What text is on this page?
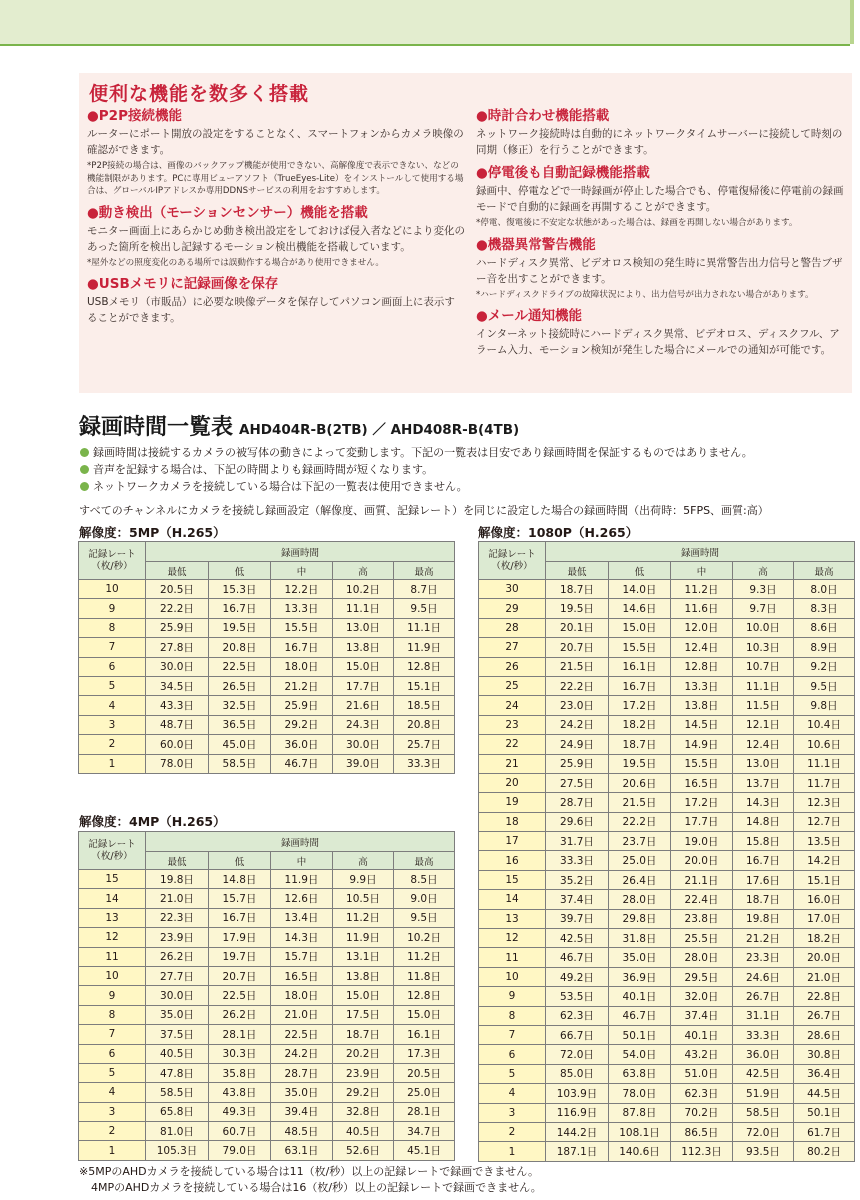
便利な機能を数多く搭載
●P2P接続機能

ルーターにポート開放の設定をすることなく、スマートフォンからカメラ映像の確認ができます。

*P2P接続の場合は、画像のバックアップ機能が使用できない、高解像度で表示できない、などの機能制限があります。PCに専用ビューアソフト（TrueEyes-Lite）をインストールして使用する場合は、グローバルIPアドレスか専用DDNSサービスの利用をおすすめします。

●動き検出（モーションセンサー）機能を搭載

モニター画面上にあらかじめ動き検出設定をしておけば侵入者などにより変化のあった箇所を検出し記録するモーション検出機能を搭載しています。

*屋外などの照度変化のある場所では誤動作する場合があり使用できません。

●USBメモリに記録画像を保存

USBメモリ（市販品）に必要な映像データを保存してパソコン画面上に表示することができます。

●時計合わせ機能搭載

ネットワーク接続時は自動的にネットワークタイムサーバーに接続して時刻の同期（修正）を行うことができます。

●停電後も自動記録機能搭載

録画中、停電などで一時録画が停止した場合でも、停電復帰後に停電前の録画モードで自動的に録画を再開することができます。

*停電、復電後に不安定な状態があった場合は、録画を再開しない場合があります。

●機器異常警告機能

ハードディスク異常、ビデオロス検知の発生時に異常警告出力信号と警告ブザー音を出すことができます。

*ハードディスクドライブの故障状況により、出力信号が出力されない場合があります。

●メール通知機能

インターネット接続時にハードディスク異常、ビデオロス、ディスクフル、アラーム入力、モーション検知が発生した場合にメールでの通知が可能です。

録画時間一覧表 AHD404R-B(2TB) ／ AHD408R-B(4TB)
録画時間は接続するカメラの被写体の動きによって変動します。下記の一覧表は目安であり録画時間を保証するものではありません。
音声を記録する場合は、下記の時間よりも録画時間が短くなります。
ネットワークカメラを接続している場合は下記の一覧表は使用できません。
すべてのチャンネルにカメラを接続し録画設定（解像度、画質、記録レート）を同じに設定した場合の録画時間（出荷時：5FPS、画質:高）
解像度：5MP（H.265）
記録レート
（枚/秒）	録画時間				
	最低	低	中	高	最高
10	20.5日	15.3日	12.2日	10.2日	8.7日
9	22.2日	16.7日	13.3日	11.1日	9.5日
8	25.9日	19.5日	15.5日	13.0日	11.1日
7	27.8日	20.8日	16.7日	13.8日	11.9日
6	30.0日	22.5日	18.0日	15.0日	12.8日
5	34.5日	26.5日	21.2日	17.7日	15.1日
4	43.3日	32.5日	25.9日	21.6日	18.5日
3	48.7日	36.5日	29.2日	24.3日	20.8日
2	60.0日	45.0日	36.0日	30.0日	25.7日
1	78.0日	58.5日	46.7日	39.0日	33.3日
解像度：4MP（H.265）
記録レート
（枚/秒）	録画時間				
	最低	低	中	高	最高
15	19.8日	14.8日	11.9日	9.9日	8.5日
14	21.0日	15.7日	12.6日	10.5日	9.0日
13	22.3日	16.7日	13.4日	11.2日	9.5日
12	23.9日	17.9日	14.3日	11.9日	10.2日
11	26.2日	19.7日	15.7日	13.1日	11.2日
10	27.7日	20.7日	16.5日	13.8日	11.8日
9	30.0日	22.5日	18.0日	15.0日	12.8日
8	35.0日	26.2日	21.0日	17.5日	15.0日
7	37.5日	28.1日	22.5日	18.7日	16.1日
6	40.5日	30.3日	24.2日	20.2日	17.3日
5	47.8日	35.8日	28.7日	23.9日	20.5日
4	58.5日	43.8日	35.0日	29.2日	25.0日
3	65.8日	49.3日	39.4日	32.8日	28.1日
2	81.0日	60.7日	48.5日	40.5日	34.7日
1	105.3日	79.0日	63.1日	52.6日	45.1日
解像度：1080P（H.265）
記録レート
（枚/秒）	録画時間				
	最低	低	中	高	最高
30	18.7日	14.0日	11.2日	9.3日	8.0日
29	19.5日	14.6日	11.6日	9.7日	8.3日
28	20.1日	15.0日	12.0日	10.0日	8.6日
27	20.7日	15.5日	12.4日	10.3日	8.9日
26	21.5日	16.1日	12.8日	10.7日	9.2日
25	22.2日	16.7日	13.3日	11.1日	9.5日
24	23.0日	17.2日	13.8日	11.5日	9.8日
23	24.2日	18.2日	14.5日	12.1日	10.4日
22	24.9日	18.7日	14.9日	12.4日	10.6日
21	25.9日	19.5日	15.5日	13.0日	11.1日
20	27.5日	20.6日	16.5日	13.7日	11.7日
19	28.7日	21.5日	17.2日	14.3日	12.3日
18	29.6日	22.2日	17.7日	14.8日	12.7日
17	31.7日	23.7日	19.0日	15.8日	13.5日
16	33.3日	25.0日	20.0日	16.7日	14.2日
15	35.2日	26.4日	21.1日	17.6日	15.1日
14	37.4日	28.0日	22.4日	18.7日	16.0日
13	39.7日	29.8日	23.8日	19.8日	17.0日
12	42.5日	31.8日	25.5日	21.2日	18.2日
11	46.7日	35.0日	28.0日	23.3日	20.0日
10	49.2日	36.9日	29.5日	24.6日	21.0日
9	53.5日	40.1日	32.0日	26.7日	22.8日
8	62.3日	46.7日	37.4日	31.1日	26.7日
7	66.7日	50.1日	40.1日	33.3日	28.6日
6	72.0日	54.0日	43.2日	36.0日	30.8日
5	85.0日	63.8日	51.0日	42.5日	36.4日
4	103.9日	78.0日	62.3日	51.9日	44.5日
3	116.9日	87.8日	70.2日	58.5日	50.1日
2	144.2日	108.1日	86.5日	72.0日	61.7日
1	187.1日	140.6日	112.3日	93.5日	80.2日
※5MPのAHDカメラを接続している場合は11（枚/秒）以上の記録レートで録画できません。
4MPのAHDカメラを接続している場合は16（枚/秒）以上の記録レートで録画できません。
